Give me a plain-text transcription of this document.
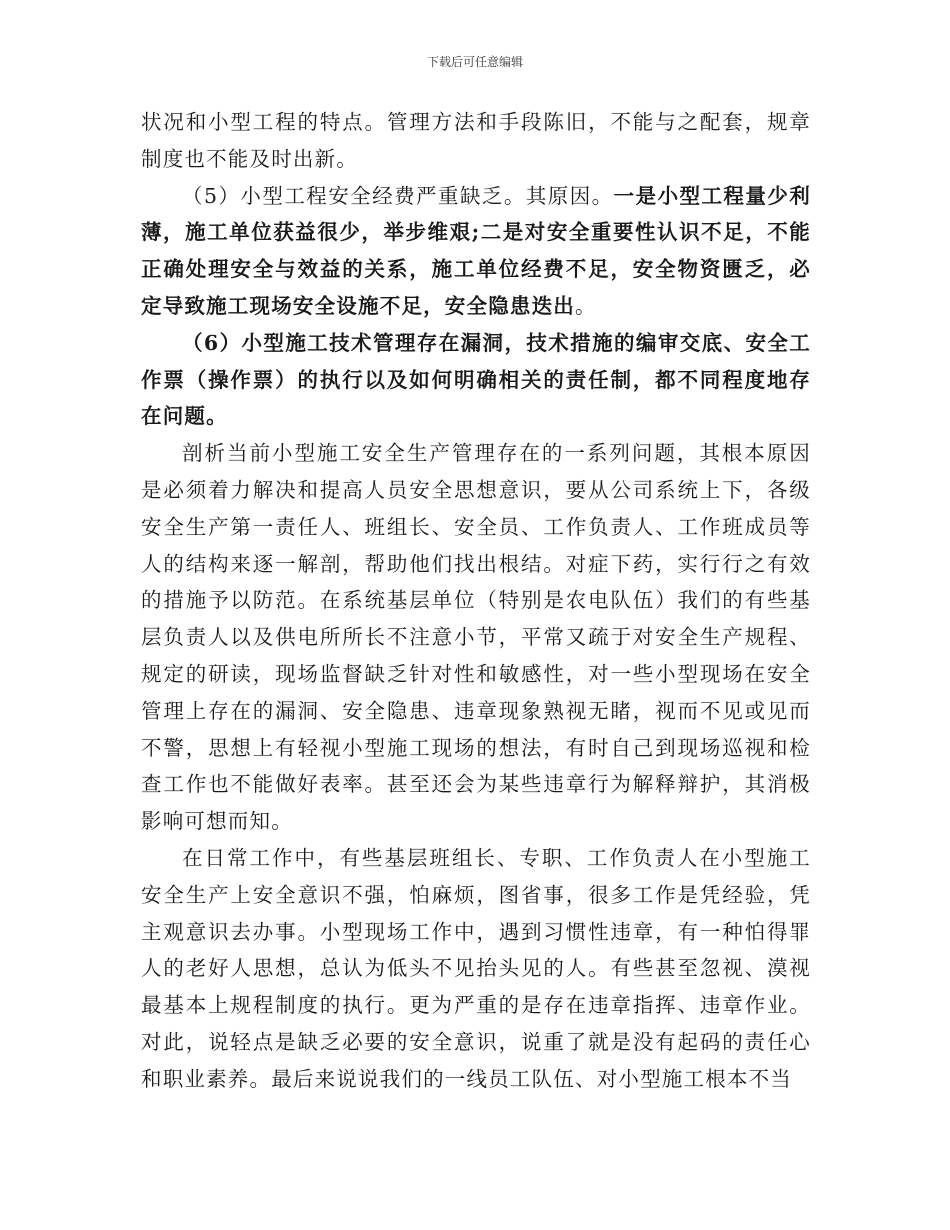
下载后可任意编辑

状况和小型工程的特点。管理方法和手段陈旧，不能与之配套，规章制度也不能及时出新。

（5）小型工程安全经费严重缺乏。其原因。一是小型工程量少利薄，施工单位获益很少，举步维艰;二是对安全重要性认识不足，不能正确处理安全与效益的关系，施工单位经费不足，安全物资匮乏，必定导致施工现场安全设施不足，安全隐患迭出。

（6）小型施工技术管理存在漏洞，技术措施的编审交底、安全工作票（操作票）的执行以及如何明确相关的责任制，都不同程度地存在问题。

剖析当前小型施工安全生产管理存在的一系列问题，其根本原因是必须着力解决和提高人员安全思想意识，要从公司系统上下，各级安全生产第一责任人、班组长、安全员、工作负责人、工作班成员等人的结构来逐一解剖，帮助他们找出根结。对症下药，实行行之有效的措施予以防范。在系统基层单位（特别是农电队伍）我们的有些基层负责人以及供电所所长不注意小节，平常又疏于对安全生产规程、规定的研读，现场监督缺乏针对性和敏感性，对一些小型现场在安全管理上存在的漏洞、安全隐患、违章现象熟视无睹，视而不见或见而不警，思想上有轻视小型施工现场的想法，有时自己到现场巡视和检查工作也不能做好表率。甚至还会为某些违章行为解释辩护，其消极影响可想而知。

在日常工作中，有些基层班组长、专职、工作负责人在小型施工安全生产上安全意识不强，怕麻烦，图省事，很多工作是凭经验，凭主观意识去办事。小型现场工作中，遇到习惯性违章，有一种怕得罪人的老好人思想，总认为低头不见抬头见的人。有些甚至忽视、漠视最基本上规程制度的执行。更为严重的是存在违章指挥、违章作业。对此，说轻点是缺乏必要的安全意识，说重了就是没有起码的责任心和职业素养。最后来说说我们的一线员工队伍、对小型施工根本不当
